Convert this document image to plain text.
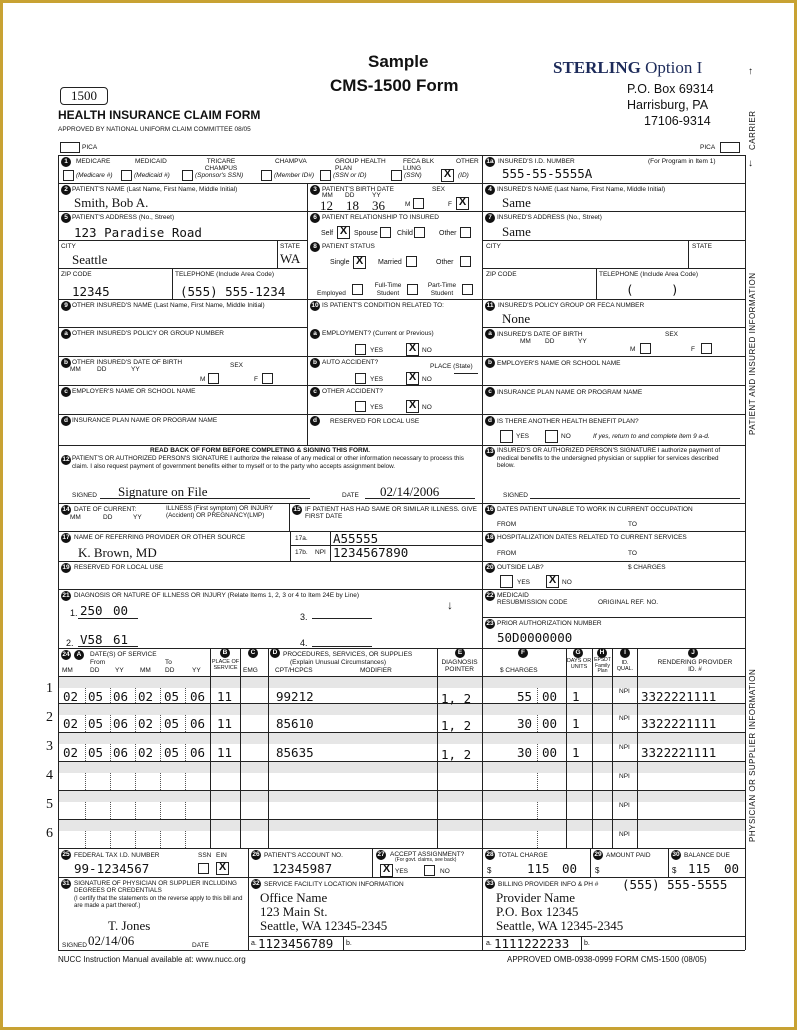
Sample
CMS-1500 Form
STERLING Option I
P.O. Box 69314
Harrisburg, PA
17106-9314
1500
HEALTH INSURANCE CLAIM FORM
APPROVED BY NATIONAL UNIFORM CLAIM COMMITTEE 08/05
PICA	PICA	CARRIER
PATIENT AND INSURED INFORMATION
PHYSICIAN OR SUPPLIER INFORMATION
↑
↓
1	MEDICARE	MEDICAID	TRICARE CHAMPUS
CHAMPVA	GROUP HEALTH PLAN
FECA BLK LUNG
OTHER
(Medicare #)	(Medicaid #)	(Sponsor's SSN)	(Member ID#)	(SSN or ID)	(SSN) X	(ID)
1a INSURED'S I.D. NUMBER	(For Program in Item 1)
555-55-5555A
2 PATIENT'S NAME (Last Name, First Name, Middle Initial)
Smith, Bob A.
3 PATIENT'S BIRTH DATE
MM DD	YY
SEX
12 18 36	M	F X
4 INSURED'S NAME (Last Name, First Name, Middle Initial)
Same
5 PATIENT'S ADDRESS (No., Street)
123 Paradise Road
CITY
Seattle
STATE
WA
ZIP CODE
12345
TELEPHONE (Include Area Code)
(555) 555-1234
6 PATIENT RELATIONSHIP TO INSURED
Self X Spouse	Child	Other
7 INSURED'S ADDRESS (No., Street)
Same
CITY	STATE
ZIP CODE	TELEPHONE (Include Area Code)
(     )
8 PATIENT STATUS
Single X	Married	Other
Employed
Full-Time Student
Part-Time Student
9 OTHER INSURED'S NAME (Last Name, First Name, Middle Initial)
a OTHER INSURED'S POLICY OR GROUP NUMBER
b OTHER INSURED'S DATE OF BIRTH
MM DD	YY
SEX
M	F
c EMPLOYER'S NAME OR SCHOOL NAME
d INSURANCE PLAN NAME OR PROGRAM NAME
10 IS PATIENT'S CONDITION RELATED TO:
a EMPLOYMENT? (Current or Previous)
YES X NO
b AUTO ACCIDENT?
PLACE (State)
YES X NO
c OTHER ACCIDENT?
YES X NO
d	RESERVED FOR LOCAL USE
11 INSURED'S POLICY GROUP OR FECA NUMBER
None
a INSURED'S DATE OF BIRTH
MM DD	YY
SEX
M	F
b EMPLOYER'S NAME OR SCHOOL NAME
c INSURANCE PLAN NAME OR PROGRAM NAME
d IS THERE ANOTHER HEALTH BENEFIT PLAN?
YES	NO	If yes, return to and complete item 9 a-d.
READ BACK OF FORM BEFORE COMPLETING & SIGNING THIS FORM.
12 PATIENT'S OR AUTHORIZED PERSON'S SIGNATURE I authorize the release of any medical or other information necessary to process this claim. I also request payment of government benefits either to myself or to the party who accepts assignment below.
SIGNED Signature on File	DATE 02/14/2006
13 INSURED'S OR AUTHORIZED PERSON'S SIGNATURE I authorize payment of medical benefits to the undersigned physician or supplier for services described below.
SIGNED
14 DATE OF CURRENT:
MM	DD	YY
ILLNESS (First symptom) OR INJURY (Accident) OR PREGNANCY(LMP)
15 IF PATIENT HAS HAD SAME OR SIMILAR ILLNESS. GIVE FIRST DATE
16 DATES PATIENT UNABLE TO WORK IN CURRENT OCCUPATION
FROM	TO
17 NAME OF REFERRING PROVIDER OR OTHER SOURCE
K. Brown, MD
17a. A55555
17b. NPI 1234567890
18 HOSPITALIZATION DATES RELATED TO CURRENT SERVICES
FROM	TO
19 RESERVED FOR LOCAL USE	20 OUTSIDE LAB?	$ CHARGES
YES X NO
21 DIAGNOSIS OR NATURE OF ILLNESS OR INJURY (Relate Items 1, 2, 3 or 4 to Item 24E by Line)
1. 250 00	3.
2. V58 61	4.
↓
22 MEDICAID RESUBMISSION CODE	ORIGINAL REF. NO.
23 PRIOR AUTHORIZATION NUMBER
50D0000000
24	A	DATE(S) OF SERVICE
From	To
MM	DD YY	MM DD	YY
B
PLACE OF SERVICE
C
EMG
D PROCEDURES, SERVICES, OR SUPPLIES
(Explain Unusual Circumstances)
CPT/HCPCS	MODIFIER
E
DIAGNOSIS POINTER
F
$ CHARGES
G
DAYS OR UNITS
H
EPSDT Family Plan
I
ID. QUAL.
J
RENDERING PROVIDER ID. #
1	NPI
02 05 06 02 05 06 11	99212	1, 2	55 00 1	3322221111
2	NPI
02 05 06 02 05 06 11	85610	1, 2	30 00 1	3322221111
3	NPI
02 05 06 02 05 06 11	85635	1, 2	30 00 1	3322221111
4	NPI
5	NPI
6	NPI
25 FEDERAL TAX I.D. NUMBER	SSN EIN
99-1234567	X
26 PATIENT'S ACCOUNT NO.
12345987
27 ACCEPT ASSIGNMENT?
(For govt. claims, see back)
X YES	NO
28 TOTAL CHARGE
$	115 00
29 AMOUNT PAID
$
30 BALANCE DUE
$ 115 00
31 SIGNATURE OF PHYSICIAN OR SUPPLIER INCLUDING DEGREES OR CREDENTIALS
(I certify that the statements on the reverse apply to this bill and are made a part thereof.)
T. Jones
SIGNED 02/14/06	DATE
32 SERVICE FACILITY LOCATION INFORMATION
Office Name
123 Main St.
Seattle, WA 12345-2345
a. 1123456789 b.
33 BILLING PROVIDER INFO & PH # (555) 555-5555
Provider Name
P.O. Box 12345
Seattle, WA 12345-2345
a. 1111222233 b.
NUCC Instruction Manual available at: www.nucc.org	APPROVED OMB-0938-0999 FORM CMS-1500 (08/05)
